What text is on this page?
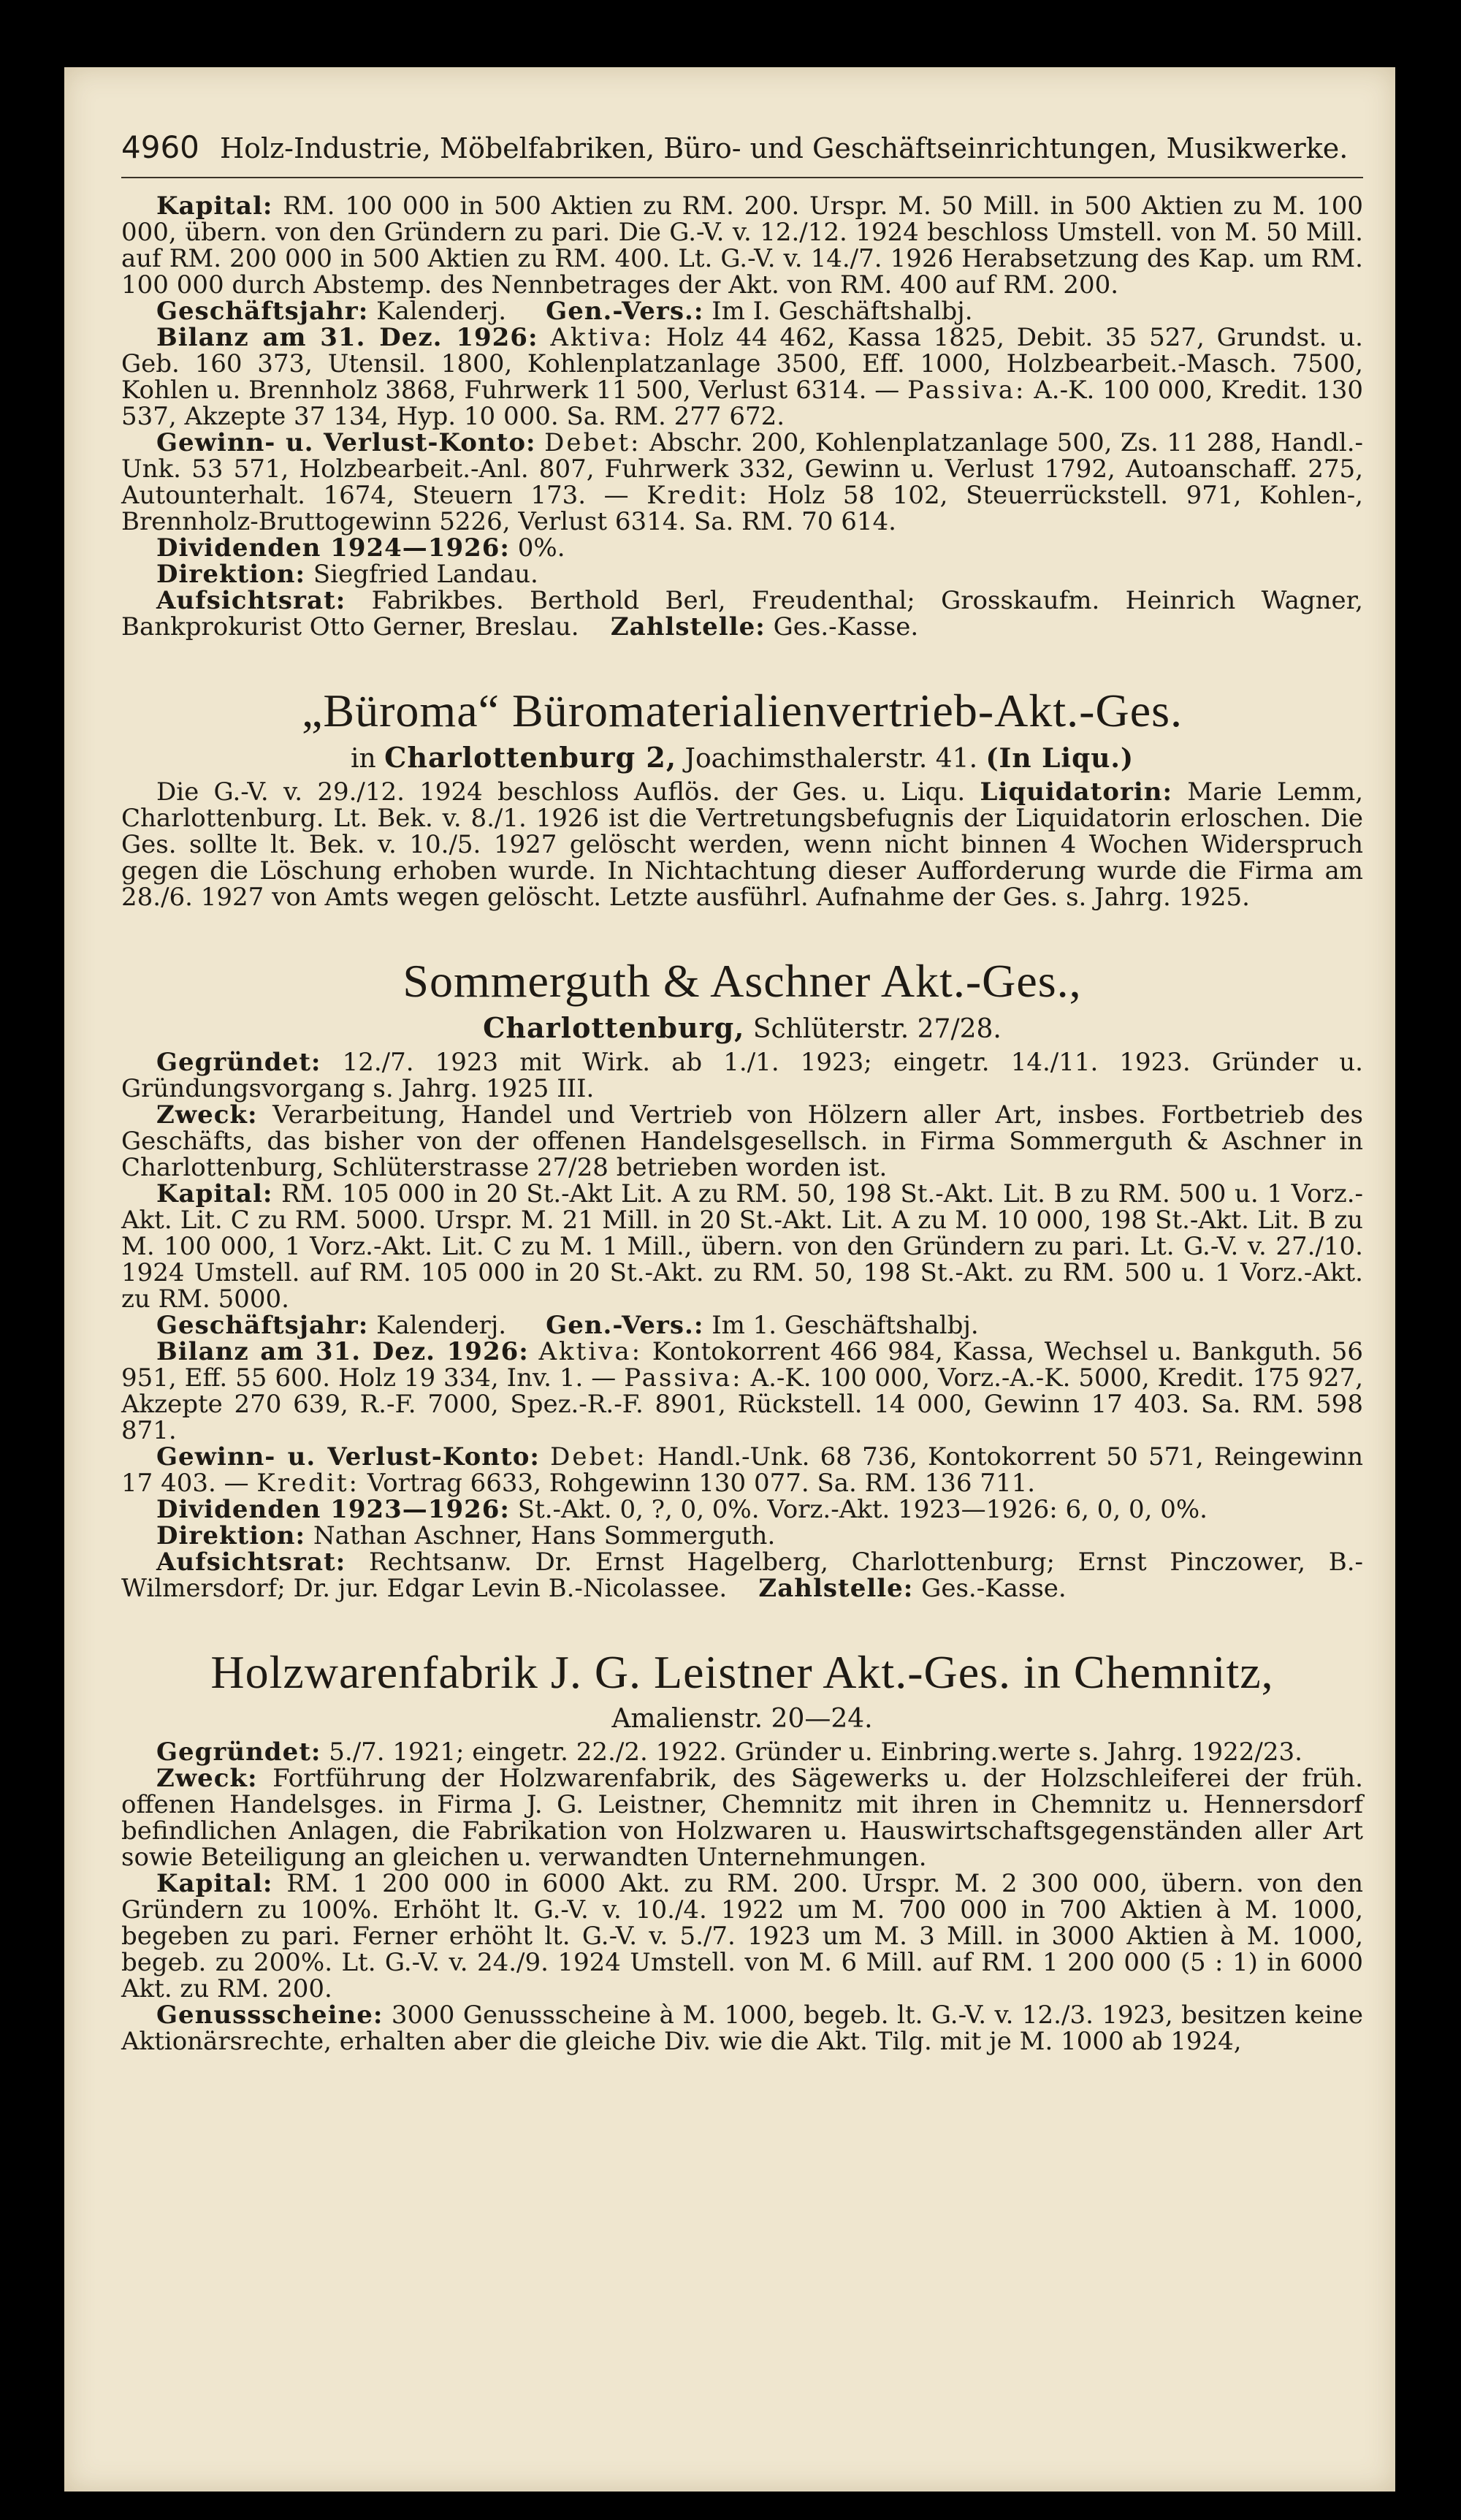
4960 Holz-Industrie, Möbelfabriken, Büro- und Geschäftseinrichtungen, Musikwerke.

Kapital: RM. 100 000 in 500 Aktien zu RM. 200. Urspr. M. 50 Mill. in 500 Aktien zu M. 100 000, übern. von den Gründern zu pari. Die G.-V. v. 12./12. 1924 beschloss Umstell. von M. 50 Mill. auf RM. 200 000 in 500 Aktien zu RM. 400. Lt. G.-V. v. 14./7. 1926 Herabsetzung des Kap. um RM. 100 000 durch Abstemp. des Nennbetrages der Akt. von RM. 400 auf RM. 200.

Geschäftsjahr: Kalenderj. Gen.-Vers.: Im I. Geschäftshalbj.

Bilanz am 31. Dez. 1926: Aktiva: Holz 44 462, Kassa 1825, Debit. 35 527, Grundst. u. Geb. 160 373, Utensil. 1800, Kohlenplatzanlage 3500, Eff. 1000, Holzbearbeit.-Masch. 7500, Kohlen u. Brennholz 3868, Fuhrwerk 11 500, Verlust 6314. — Passiva: A.-K. 100 000, Kredit. 130 537, Akzepte 37 134, Hyp. 10 000. Sa. RM. 277 672.

Gewinn- u. Verlust-Konto: Debet: Abschr. 200, Kohlenplatzanlage 500, Zs. 11 288, Handl.-Unk. 53 571, Holzbearbeit.-Anl. 807, Fuhrwerk 332, Gewinn u. Verlust 1792, Autoanschaff. 275, Autounterhalt. 1674, Steuern 173. — Kredit: Holz 58 102, Steuerrückstell. 971, Kohlen-, Brennholz-Bruttogewinn 5226, Verlust 6314. Sa. RM. 70 614.

Dividenden 1924—1926: 0%.

Direktion: Siegfried Landau.

Aufsichtsrat: Fabrikbes. Berthold Berl, Freudenthal; Grosskaufm. Heinrich Wagner, Bankprokurist Otto Gerner, Breslau. Zahlstelle: Ges.-Kasse.

„Büroma“ Büromaterialienvertrieb-Akt.-Ges.
in Charlottenburg 2, Joachimsthalerstr. 41. (In Liqu.)

Die G.-V. v. 29./12. 1924 beschloss Auflös. der Ges. u. Liqu. Liquidatorin: Marie Lemm, Charlottenburg. Lt. Bek. v. 8./1. 1926 ist die Vertretungsbefugnis der Liquidatorin erloschen. Die Ges. sollte lt. Bek. v. 10./5. 1927 gelöscht werden, wenn nicht binnen 4 Wochen Widerspruch gegen die Löschung erhoben wurde. In Nichtachtung dieser Aufforderung wurde die Firma am 28./6. 1927 von Amts wegen gelöscht. Letzte ausführl. Aufnahme der Ges. s. Jahrg. 1925.

Sommerguth & Aschner Akt.-Ges.,
Charlottenburg, Schlüterstr. 27/28.

Gegründet: 12./7. 1923 mit Wirk. ab 1./1. 1923; eingetr. 14./11. 1923. Gründer u. Gründungsvorgang s. Jahrg. 1925 III.

Zweck: Verarbeitung, Handel und Vertrieb von Hölzern aller Art, insbes. Fortbetrieb des Geschäfts, das bisher von der offenen Handelsgesellsch. in Firma Sommerguth & Aschner in Charlottenburg, Schlüterstrasse 27/28 betrieben worden ist.

Kapital: RM. 105 000 in 20 St.-Akt Lit. A zu RM. 50, 198 St.-Akt. Lit. B zu RM. 500 u. 1 Vorz.-Akt. Lit. C zu RM. 5000. Urspr. M. 21 Mill. in 20 St.-Akt. Lit. A zu M. 10 000, 198 St.-Akt. Lit. B zu M. 100 000, 1 Vorz.-Akt. Lit. C zu M. 1 Mill., übern. von den Gründern zu pari. Lt. G.-V. v. 27./10. 1924 Umstell. auf RM. 105 000 in 20 St.-Akt. zu RM. 50, 198 St.-Akt. zu RM. 500 u. 1 Vorz.-Akt. zu RM. 5000.

Geschäftsjahr: Kalenderj. Gen.-Vers.: Im 1. Geschäftshalbj.

Bilanz am 31. Dez. 1926: Aktiva: Kontokorrent 466 984, Kassa, Wechsel u. Bankguth. 56 951, Eff. 55 600. Holz 19 334, Inv. 1. — Passiva: A.-K. 100 000, Vorz.-A.-K. 5000, Kredit. 175 927, Akzepte 270 639, R.-F. 7000, Spez.-R.-F. 8901, Rückstell. 14 000, Gewinn 17 403. Sa. RM. 598 871.

Gewinn- u. Verlust-Konto: Debet: Handl.-Unk. 68 736, Kontokorrent 50 571, Reingewinn 17 403. — Kredit: Vortrag 6633, Rohgewinn 130 077. Sa. RM. 136 711.

Dividenden 1923—1926: St.-Akt. 0, ?, 0, 0%. Vorz.-Akt. 1923—1926: 6, 0, 0, 0%.

Direktion: Nathan Aschner, Hans Sommerguth.

Aufsichtsrat: Rechtsanw. Dr. Ernst Hagelberg, Charlottenburg; Ernst Pinczower, B.-Wilmersdorf; Dr. jur. Edgar Levin B.-Nicolassee. Zahlstelle: Ges.-Kasse.

Holzwarenfabrik J. G. Leistner Akt.-Ges. in Chemnitz,
Amalienstr. 20—24.

Gegründet: 5./7. 1921; eingetr. 22./2. 1922. Gründer u. Einbring.werte s. Jahrg. 1922/23.

Zweck: Fortführung der Holzwarenfabrik, des Sägewerks u. der Holzschleiferei der früh. offenen Handelsges. in Firma J. G. Leistner, Chemnitz mit ihren in Chemnitz u. Hennersdorf befindlichen Anlagen, die Fabrikation von Holzwaren u. Hauswirtschaftsgegenständen aller Art sowie Beteiligung an gleichen u. verwandten Unternehmungen.

Kapital: RM. 1 200 000 in 6000 Akt. zu RM. 200. Urspr. M. 2 300 000, übern. von den Gründern zu 100%. Erhöht lt. G.-V. v. 10./4. 1922 um M. 700 000 in 700 Aktien à M. 1000, begeben zu pari. Ferner erhöht lt. G.-V. v. 5./7. 1923 um M. 3 Mill. in 3000 Aktien à M. 1000, begeb. zu 200%. Lt. G.-V. v. 24./9. 1924 Umstell. von M. 6 Mill. auf RM. 1 200 000 (5 : 1) in 6000 Akt. zu RM. 200.

Genussscheine: 3000 Genussscheine à M. 1000, begeb. lt. G.-V. v. 12./3. 1923, besitzen keine Aktionärsrechte, erhalten aber die gleiche Div. wie die Akt. Tilg. mit je M. 1000 ab 1924,
